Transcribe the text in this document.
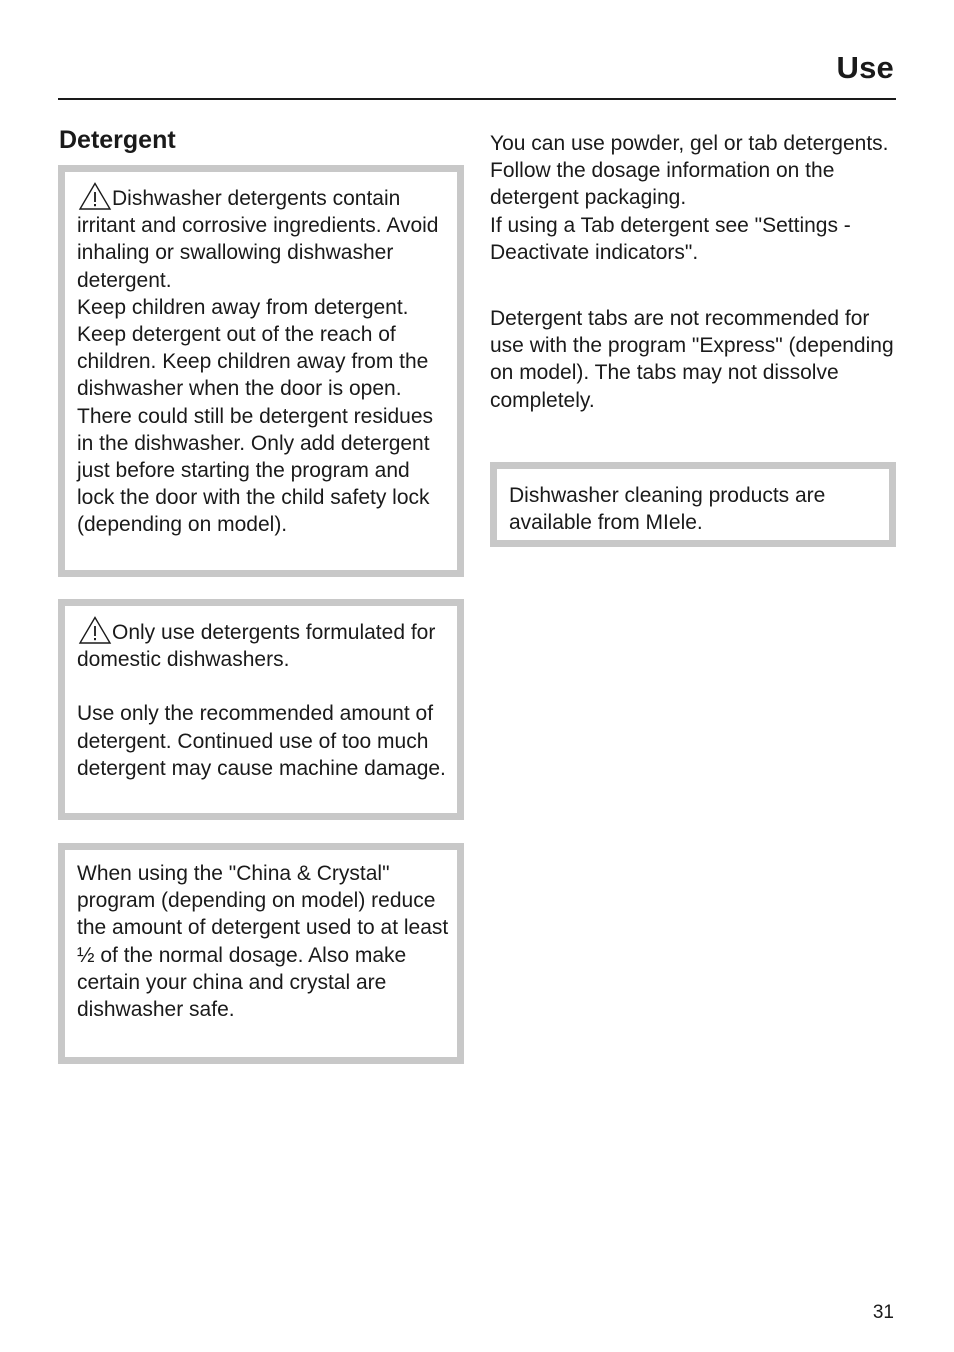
Use
Detergent

Dishwasher detergents contain irritant and corrosive ingredients. Avoid inhaling or swallowing dishwasher detergent.

Keep children away from detergent. Keep detergent out of the reach of children. Keep children away from the dishwasher when the door is open. There could still be detergent residues in the dishwasher. Only add detergent just before starting the program and lock the door with the child safety lock (depending on model).

Only use detergents formulated for domestic dishwashers.

Use only the recommended amount of detergent. Continued use of too much detergent may cause machine damage.

When using the "China & Crystal" program (depending on model) reduce the amount of detergent used to at least ½ of the normal dosage. Also make certain your china and crystal are dishwasher safe.

You can use powder, gel or tab detergents. Follow the dosage information on the detergent packaging.

If using a Tab detergent see "Settings - Deactivate indicators".

Detergent tabs are not recommended for use with the program "Express" (depending on model). The tabs may not dissolve completely.

Dishwasher cleaning products are available from MIele.

31
